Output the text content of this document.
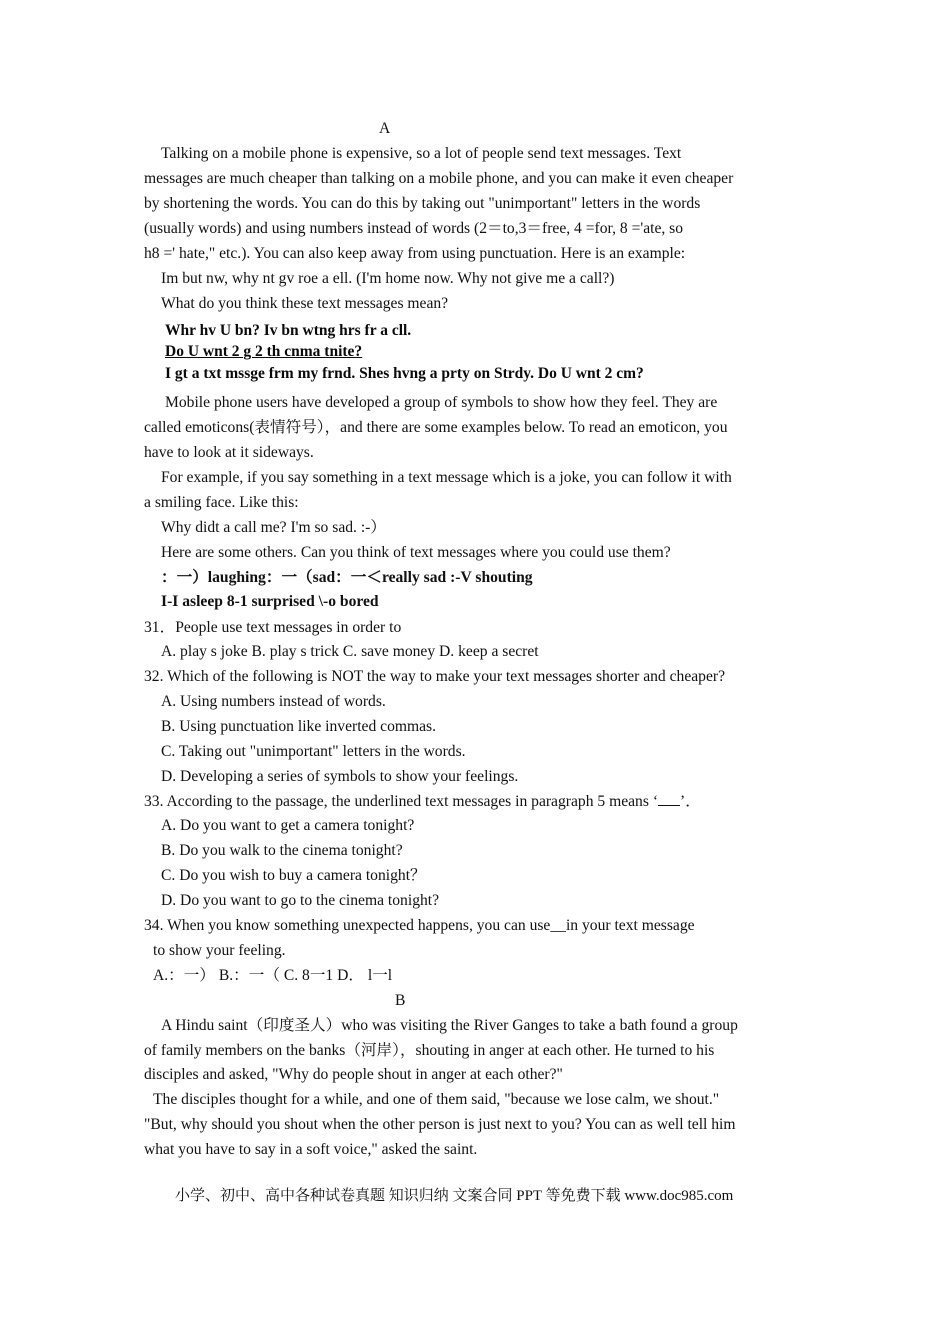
A
Talking on a mobile phone is expensive, so a lot of people send text messages. Text
messages are much cheaper than talking on a mobile phone, and you can make it even cheaper
by shortening the words. You can do this by taking out "unimportant" letters in the words
(usually words) and using numbers instead of words (2＝to,3＝free, 4 =for, 8 ='ate, so
h8 =' hate," etc.). You can also keep away from using punctuation. Here is an example:
Im but nw, why nt gv roe a ell. (I'm home now. Why not give me a call?)
What do you think these text messages mean?
Whr hv U bn? Iv bn wtng hrs fr a cll.
Do U wnt 2 g 2 th cnma tnite?
I gt a txt mssge frm my frnd. Shes hvng a prty on Strdy. Do U wnt 2 cm?
Mobile phone users have developed a group of symbols to show how they feel. They are
called emoticons(表情符号），and there are some examples below. To read an emoticon, you
have to look at it sideways.
For example, if you say something in a text message which is a joke, you can follow it with
a smiling face. Like this:
Why didt a call me? I'm so sad. :-）
Here are some others. Can you think of text messages where you could use them?
：一）laughing：一（sad：一＜really sad :-V shouting
I-I asleep 8-1 surprised \-o bored
31．People use text messages in order to
A. play s joke B. play s trick C. save money D. keep a secret
32. Which of the following is NOT the way to make your text messages shorter and cheaper?
A. Using numbers instead of words.
B. Using punctuation like inverted commas.
C. Taking out "unimportant" letters in the words.
D. Developing a series of symbols to show your feelings.
33. According to the passage, the underlined text messages in paragraph 5 means ‘ ’．
A. Do you want to get a camera tonight?
B. Do you walk to the cinema tonight?
C. Do you wish to buy a camera tonight？
D. Do you want to go to the cinema tonight?
34. When you know something unexpected happens, you can use__in your text message
to show your feeling.
A.：一） B.：一（ C. 8一1 D． l一l
B
A Hindu saint（印度圣人）who was visiting the River Ganges to take a bath found a group
of family members on the banks（河岸），shouting in anger at each other. He turned to his
disciples and asked, "Why do people shout in anger at each other?"
The disciples thought for a while, and one of them said, "because we lose calm, we shout."
"But, why should you shout when the other person is just next to you? You can as well tell him
what you have to say in a soft voice," asked the saint.
小学、初中、高中各种试卷真题 知识归纳 文案合同 PPT 等免费下载 www.doc985.com
